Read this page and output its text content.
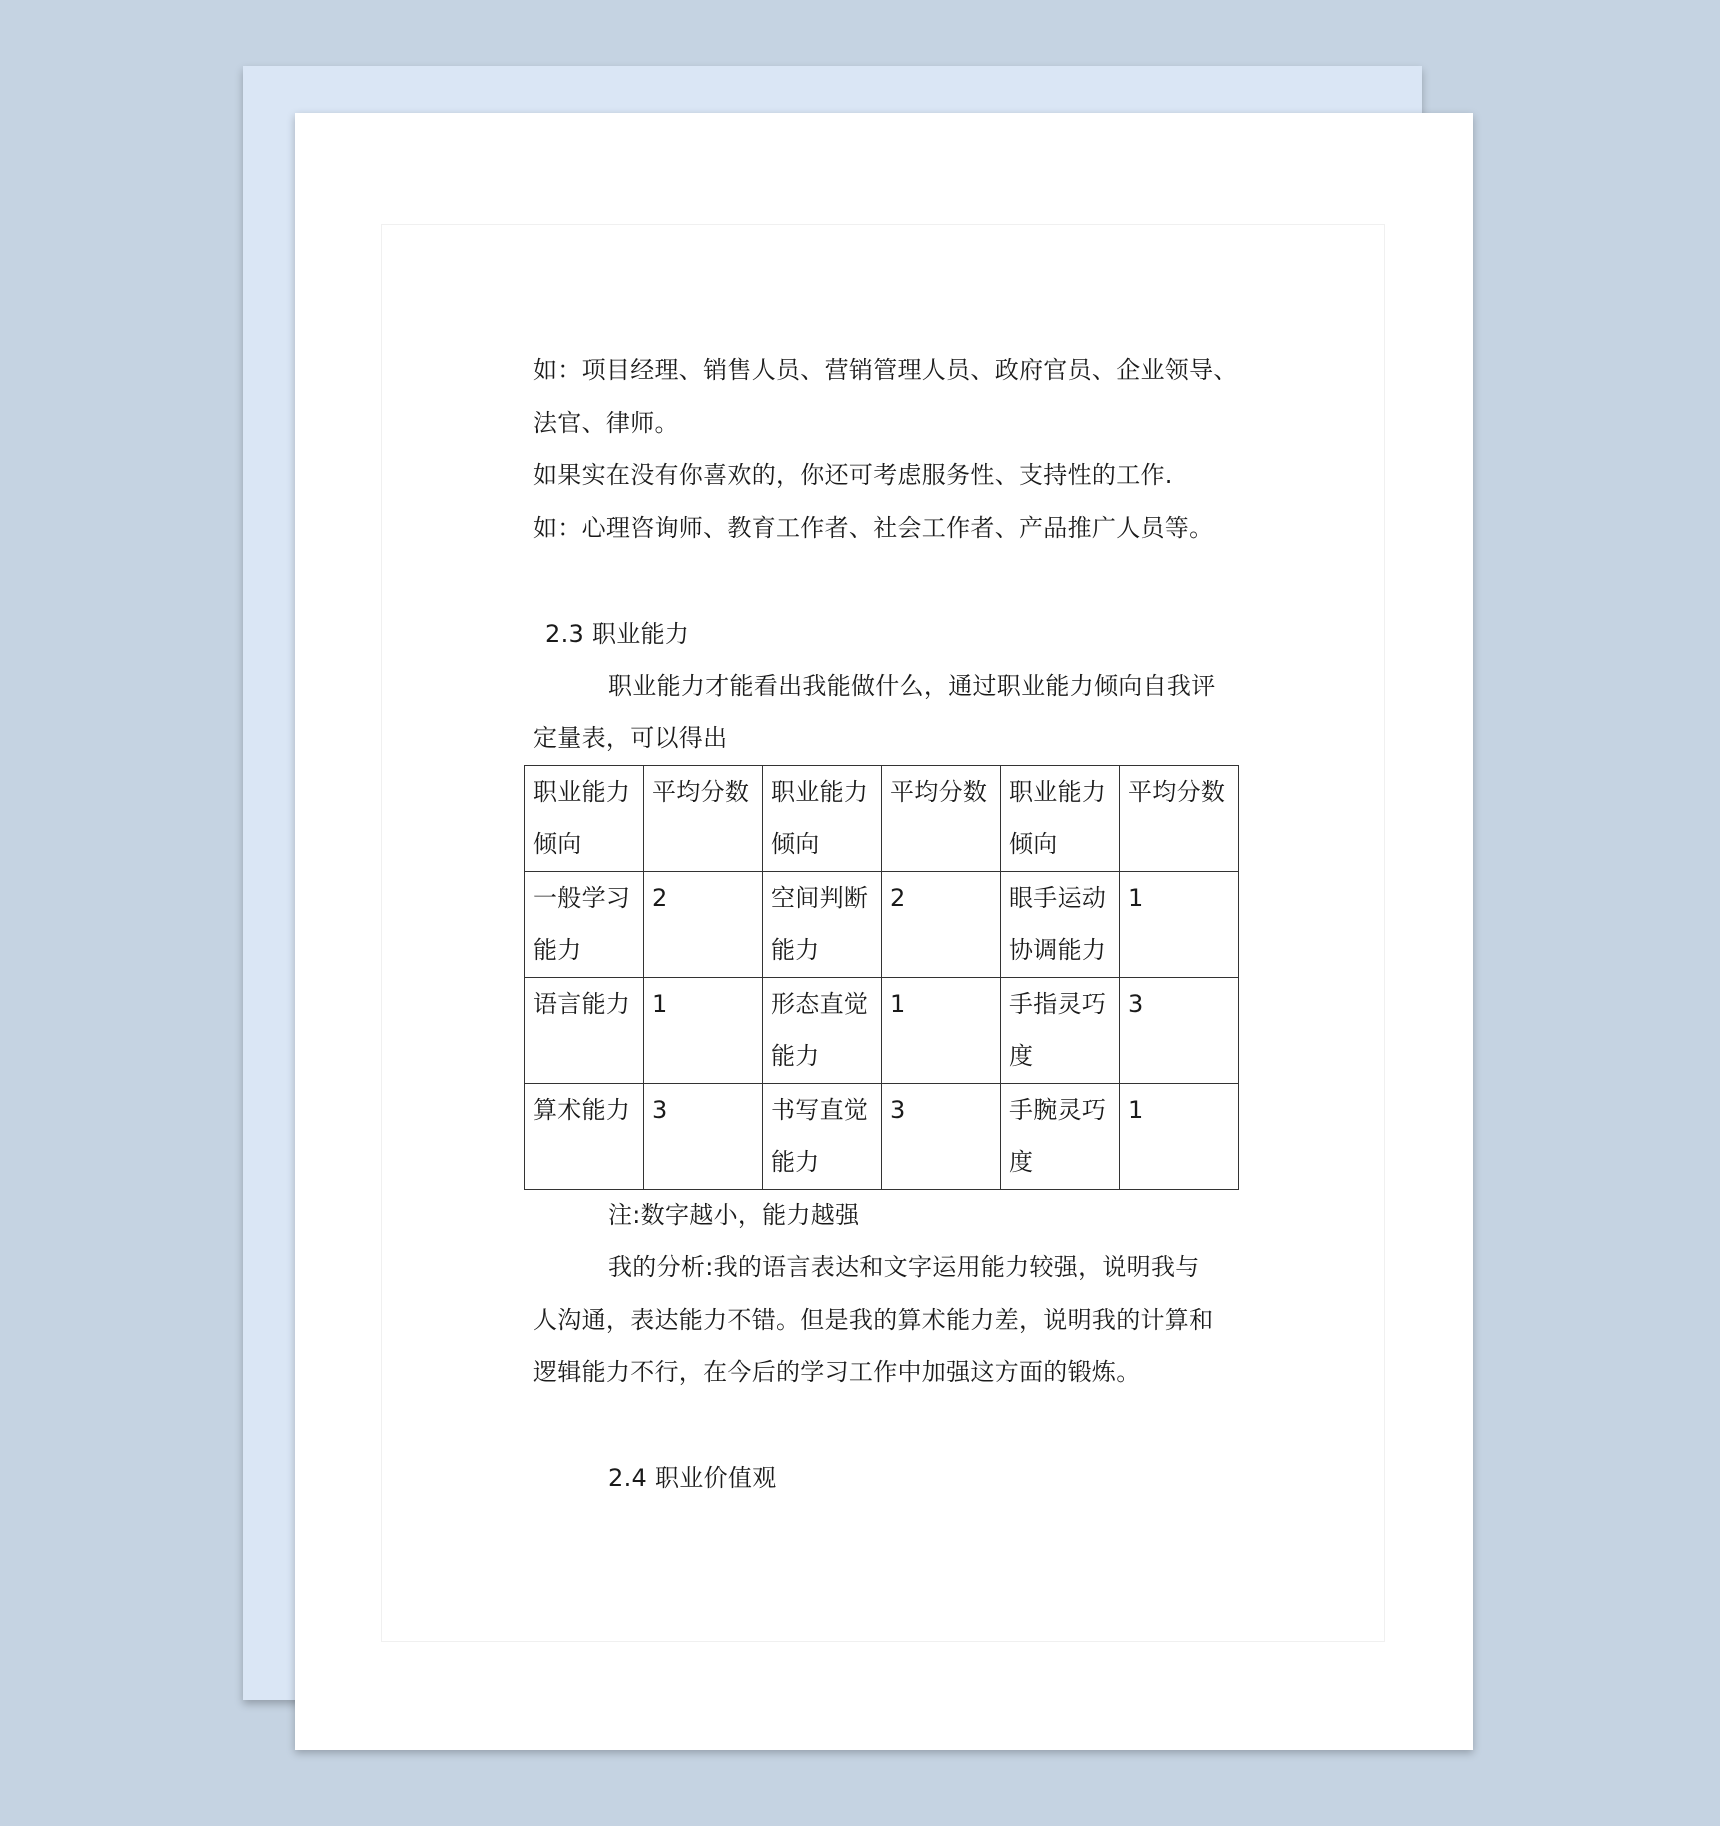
如：项目经理、销售人员、营销管理人员、政府官员、企业领导、
法官、律师。
如果实在没有你喜欢的，你还可考虑服务性、支持性的工作.
如：心理咨询师、教育工作者、社会工作者、产品推广人员等。
2.3 职业能力
职业能力才能看出我能做什么，通过职业能力倾向自我评
定量表，可以得出
职业能力倾向	平均分数	职业能力倾向	平均分数	职业能力倾向	平均分数
一般学习能力	2	空间判断能力	2	眼手运动协调能力	1
语言能力	1	形态直觉能力	1	手指灵巧度	3
算术能力	3	书写直觉能力	3	手腕灵巧度	1
注:数字越小，能力越强
我的分析:我的语言表达和文字运用能力较强，说明我与
人沟通，表达能力不错。但是我的算术能力差，说明我的计算和
逻辑能力不行，在今后的学习工作中加强这方面的锻炼。
2.4 职业价值观
